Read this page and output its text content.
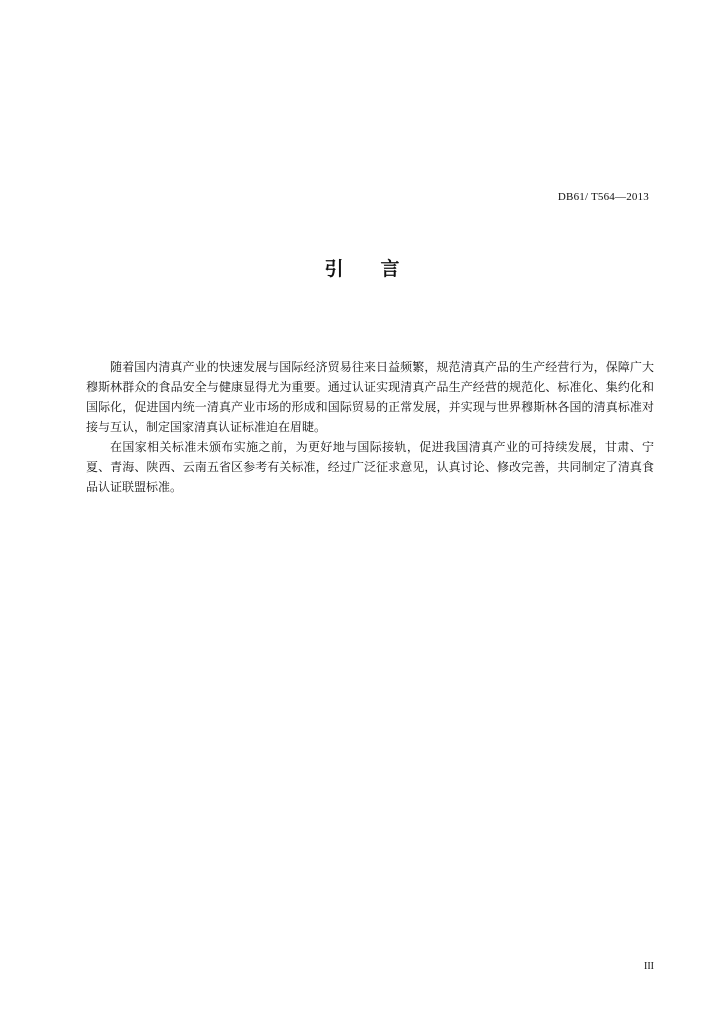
DB61/ T564—2013
引 言

随着国内清真产业的快速发展与国际经济贸易往来日益频繁，规范清真产品的生产经营行为，保障广大穆斯林群众的食品安全与健康显得尤为重要。通过认证实现清真产品生产经营的规范化、标准化、集约化和国际化，促进国内统一清真产业市场的形成和国际贸易的正常发展，并实现与世界穆斯林各国的清真标准对接与互认，制定国家清真认证标准迫在眉睫。

在国家相关标准未颁布实施之前，为更好地与国际接轨，促进我国清真产业的可持续发展，甘肃、宁夏、青海、陕西、云南五省区参考有关标准，经过广泛征求意见，认真讨论、修改完善，共同制定了清真食品认证联盟标准。

III
